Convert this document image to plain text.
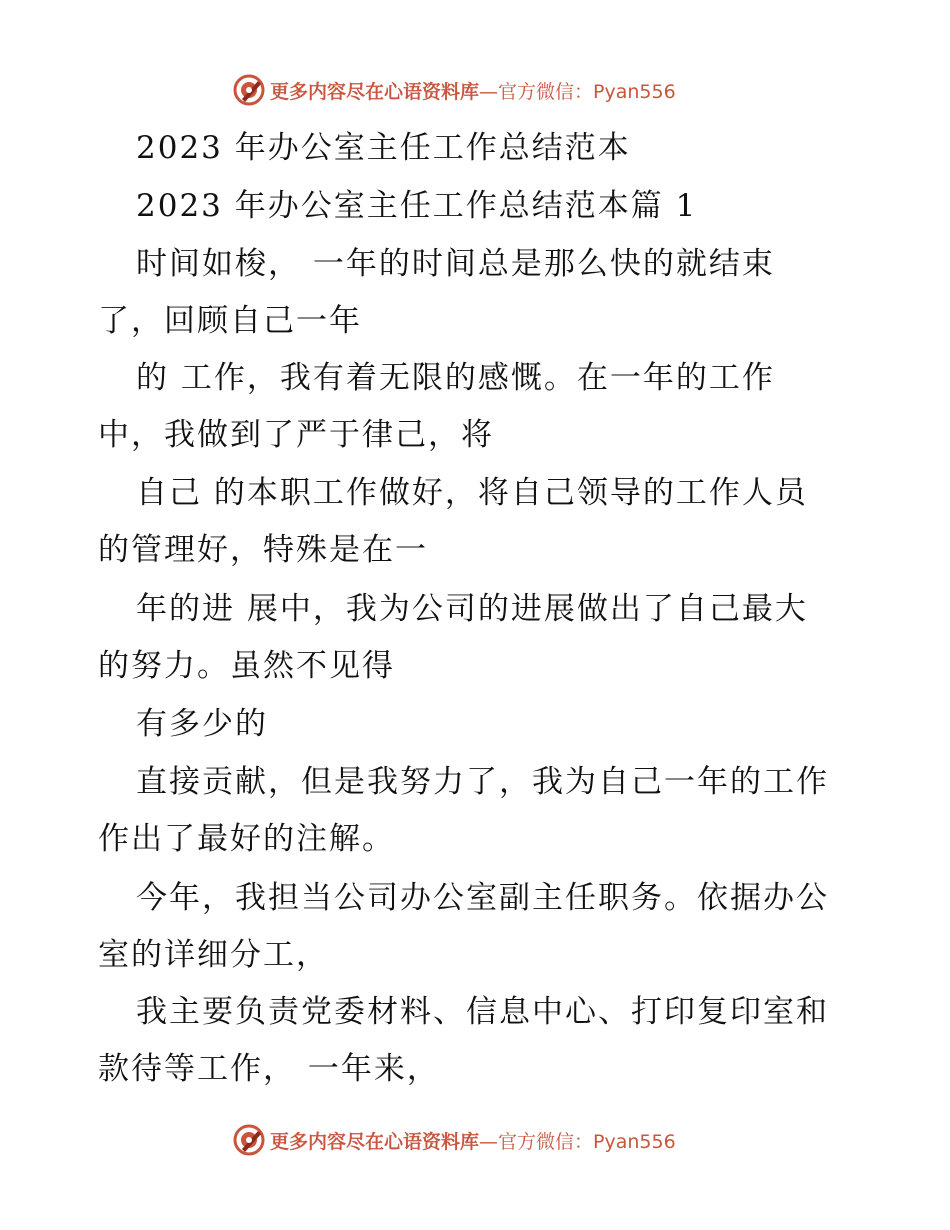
更多内容尽在心语资料库—官方微信：Pyan556
2023 年办公室主任工作总结范本
2023 年办公室主任工作总结范本篇 1
时间如梭， 一年的时间总是那么快的就结束
了，回顾自己一年
的 工作，我有着无限的感慨。在一年的工作
中，我做到了严于律己，将
自己 的本职工作做好，将自己领导的工作人员
的管理好，特殊是在一
年的进 展中，我为公司的进展做出了自己最大
的努力。虽然不见得
有多少的
直接贡献，但是我努力了，我为自己一年的工作
作出了最好的注解。
今年，我担当公司办公室副主任职务。依据办公
室的详细分工，
我主要负责党委材料、信息中心、打印复印室和
款待等工作， 一年来，
更多内容尽在心语资料库—官方微信：Pyan556
